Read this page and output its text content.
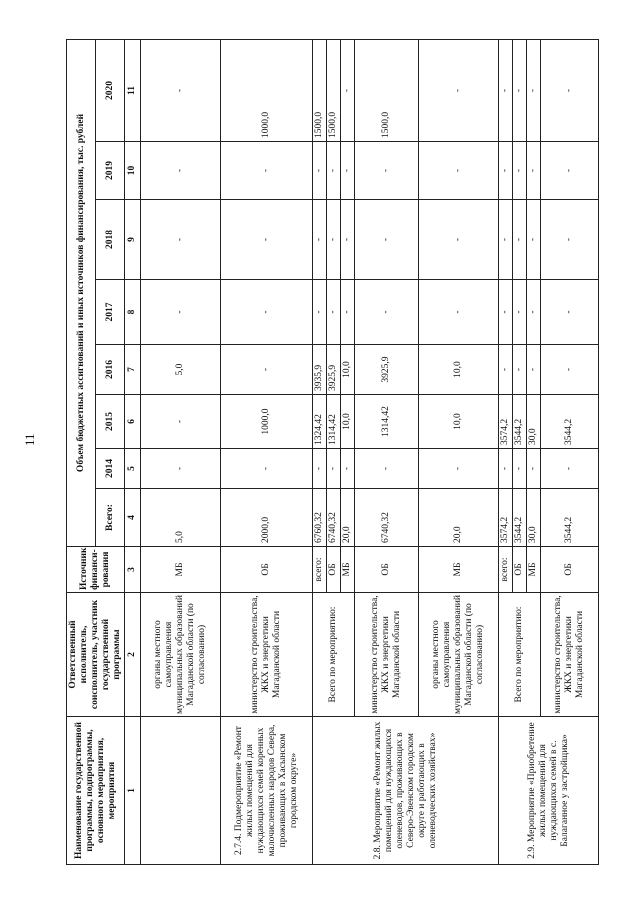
11
Наименование государственной программы, подпрограммы, основного мероприятия, мероприятия	Ответственный исполнитель, соисполнитель, участник государственной программы	Источник финанси-рования	Объем бюджетных ассигнований и иных источников финансирования, тыс. рублей							
			Всего:	2014	2015	2016	2017	2018	2019	2020
1	2	3	4	5	6	7	8	9	10	11
	органы местного самоуправления муниципальных образований Магаданской области (по согласованию)	МБ	5,0	-	-	5,0	-	-	-	-
2.7.4. Подмероприятие «Ремонт жилых помещений для нуждающихся семей коренных малочисленных народов Севера, проживающих в Хасынском городском округе»	министерство строительства, ЖКХ и энергетики Магаданской области	ОБ	2000,0	-	1000,0	-	-	-	-	1000,0
2.8. Мероприятие «Ремонт жилых помещений для нуждающихся оленеводов, проживающих в Северо-Эвенском городском округе и работающих в оленеводческих хозяйствах»	Всего по мероприятию:	всего:	6760,32	-	1324,42	3935,9	-	-	-	1500,0
		ОБ	6740,32	-	1314,42	3925,9	-	-	-	1500,0
		МБ	20,0	-	10,0	10,0	-	-	-	-
	министерство строительства, ЖКХ и энергетики Магаданской области	ОБ	6740,32	-	1314,42	3925,9	-	-	-	1500,0
	органы местного самоуправления муниципальных образований Магаданской области (по согласованию)	МБ	20,0	-	10,0	10,0	-	-	-	-
2.9. Мероприятие «Приобретение жилых помещений для нуждающихся семей в с. Балаганное у застройщика»	Всего по мероприятию:	всего:	3574,2	-	3574,2	-	-	-	-	-
		ОБ	3544,2	-	3544,2	-	-	-	-	-
		МБ	30,0	-	30,0	-	-	-	-	-
	министерство строительства, ЖКХ и энергетики Магаданской области	ОБ	3544,2	-	3544,2	-	-	-	-	-
